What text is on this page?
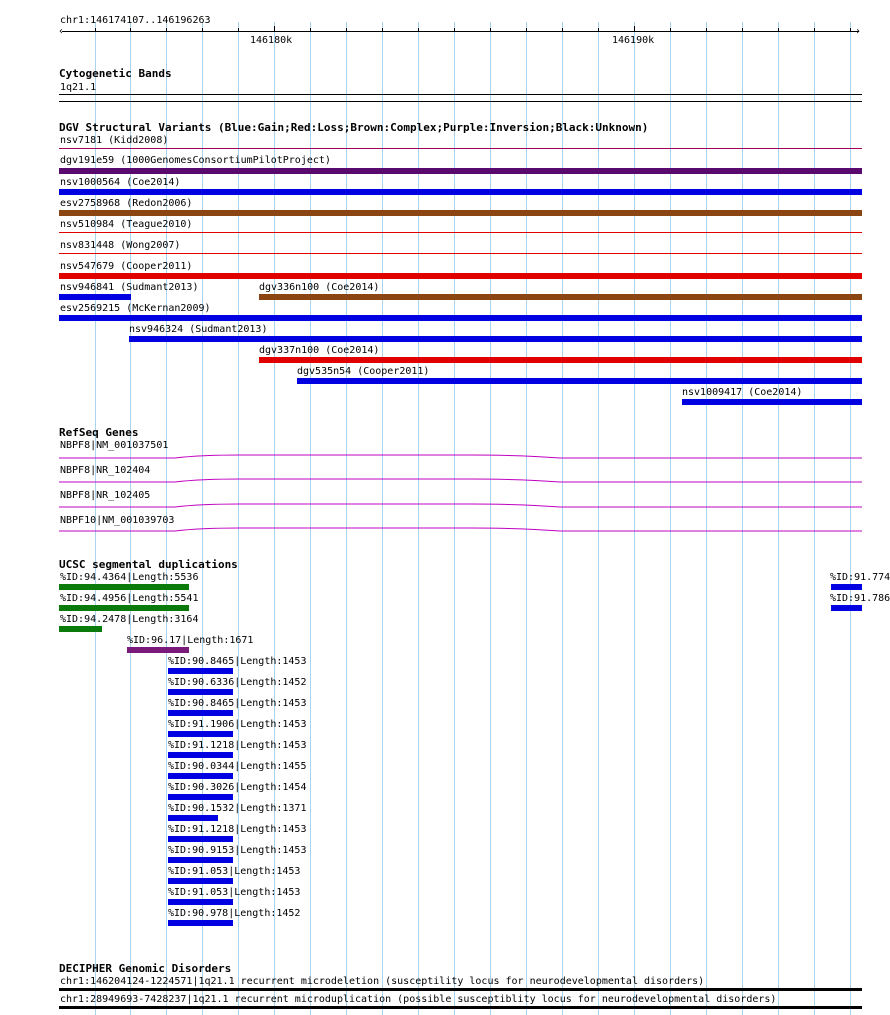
chr1:146174107..146196263
‹	›
146180k	146190k
Cytogenetic Bands
1q21.1
DGV Structural Variants (Blue:Gain;Red:Loss;Brown:Complex;Purple:Inversion;Black:Unknown)
nsv7181 (Kidd2008)
dgv191e59 (1000GenomesConsortiumPilotProject)
nsv1000564 (Coe2014)
esv2758968 (Redon2006)
nsv510984 (Teague2010)
nsv831448 (Wong2007)
nsv547679 (Cooper2011)
nsv946841 (Sudmant2013)	dgv336n100 (Coe2014)
esv2569215 (McKernan2009)
nsv946324 (Sudmant2013)
dgv337n100 (Coe2014)
dgv535n54 (Cooper2011)
nsv1009417 (Coe2014)
RefSeq Genes
NBPF8|NM_001037501
NBPF8|NR_102404
NBPF8|NR_102405
NBPF10|NM_001039703
UCSC segmental duplications
%ID:94.4364|Length:5536
%ID:94.4956|Length:5541
%ID:94.2478|Length:3164
%ID:96.17|Length:1671
%ID:90.8465|Length:1453
%ID:90.6336|Length:1452
%ID:90.8465|Length:1453
%ID:91.1906|Length:1453
%ID:91.1218|Length:1453
%ID:90.0344|Length:1455
%ID:90.3026|Length:1454
%ID:90.1532|Length:1371
%ID:91.1218|Length:1453
%ID:90.9153|Length:1453
%ID:91.053|Length:1453
%ID:91.053|Length:1453
%ID:90.978|Length:1452
%ID:91.774
%ID:91.786
DECIPHER Genomic Disorders
chr1:146204124-1224571|1q21.1 recurrent microdeletion (susceptility locus for neurodevelopmental disorders)
chr1:28949693-7428237|1q21.1 recurrent microduplication (possible susceptiblity locus for neurodevelopmental disorders)
